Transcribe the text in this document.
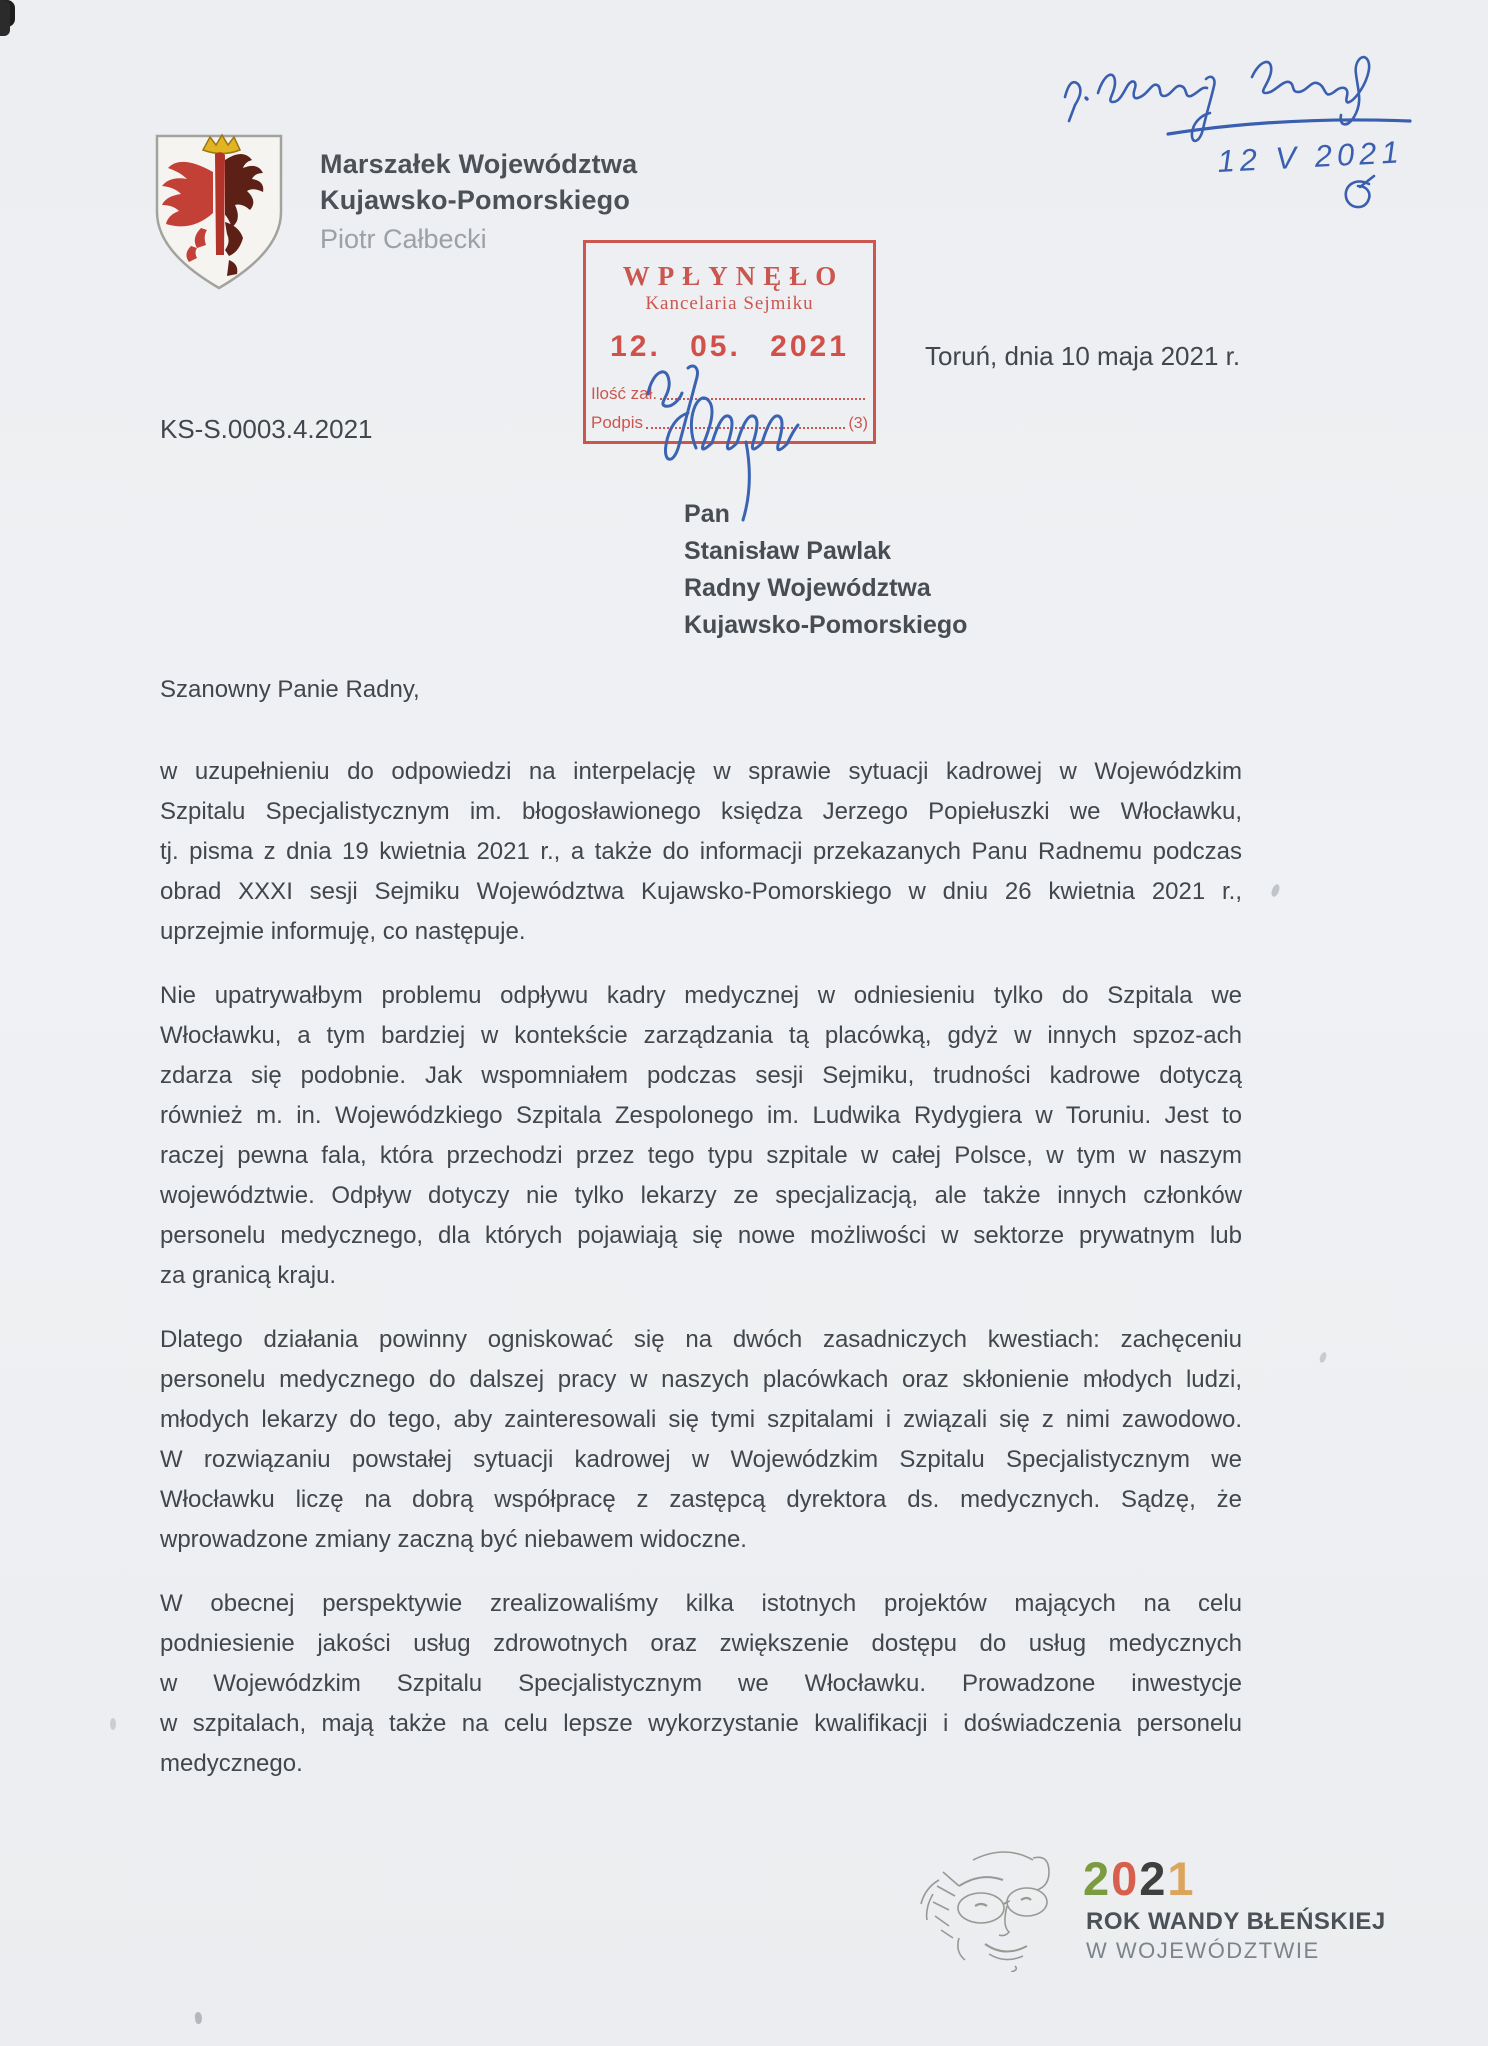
Marszałek Województwa
Kujawsko-Pomorskiego
Piotr Całbecki
12 V 2021
WPŁYNĘŁO
Kancelaria Sejmiku
12. 05. 2021
Ilość zał.
Podpis	(3)
Toruń, dnia 10 maja 2021 r.
KS-S.0003.4.2021
Pan
Stanisław Pawlak
Radny Województwa
Kujawsko-Pomorskiego
Szanowny Panie Radny,
w uzupełnieniu do odpowiedzi na interpelację w sprawie sytuacji kadrowej w Wojewódzkim
Szpitalu Specjalistycznym im. błogosławionego księdza Jerzego Popiełuszki we Włocławku,
tj. pisma z dnia 19 kwietnia 2021 r., a także do informacji przekazanych Panu Radnemu podczas
obrad XXXI sesji Sejmiku Województwa Kujawsko-Pomorskiego w dniu 26 kwietnia 2021 r.,
uprzejmie informuję, co następuje.
Nie upatrywałbym problemu odpływu kadry medycznej w odniesieniu tylko do Szpitala we
Włocławku, a tym bardziej w kontekście zarządzania tą placówką, gdyż w innych spzoz-ach
zdarza się podobnie. Jak wspomniałem podczas sesji Sejmiku, trudności kadrowe dotyczą
również m. in. Wojewódzkiego Szpitala Zespolonego im. Ludwika Rydygiera w Toruniu. Jest to
raczej pewna fala, która przechodzi przez tego typu szpitale w całej Polsce, w tym w naszym
województwie. Odpływ dotyczy nie tylko lekarzy ze specjalizacją, ale także innych członków
personelu medycznego, dla których pojawiają się nowe możliwości w sektorze prywatnym lub
za granicą kraju.
Dlatego działania powinny ogniskować się na dwóch zasadniczych kwestiach: zachęceniu
personelu medycznego do dalszej pracy w naszych placówkach oraz skłonienie młodych ludzi,
młodych lekarzy do tego, aby zainteresowali się tymi szpitalami i związali się z nimi zawodowo.
W rozwiązaniu powstałej sytuacji kadrowej w Wojewódzkim Szpitalu Specjalistycznym we
Włocławku liczę na dobrą współpracę z zastępcą dyrektora ds. medycznych. Sądzę, że
wprowadzone zmiany zaczną być niebawem widoczne.
W obecnej perspektywie zrealizowaliśmy kilka istotnych projektów mających na celu
podniesienie jakości usług zdrowotnych oraz zwiększenie dostępu do usług medycznych
w Wojewódzkim Szpitalu Specjalistycznym we Włocławku. Prowadzone inwestycje
w szpitalach, mają także na celu lepsze wykorzystanie kwalifikacji i doświadczenia personelu
medycznego.
2021
ROK WANDY BŁEŃSKIEJ
W WOJEWÓDZTWIE
